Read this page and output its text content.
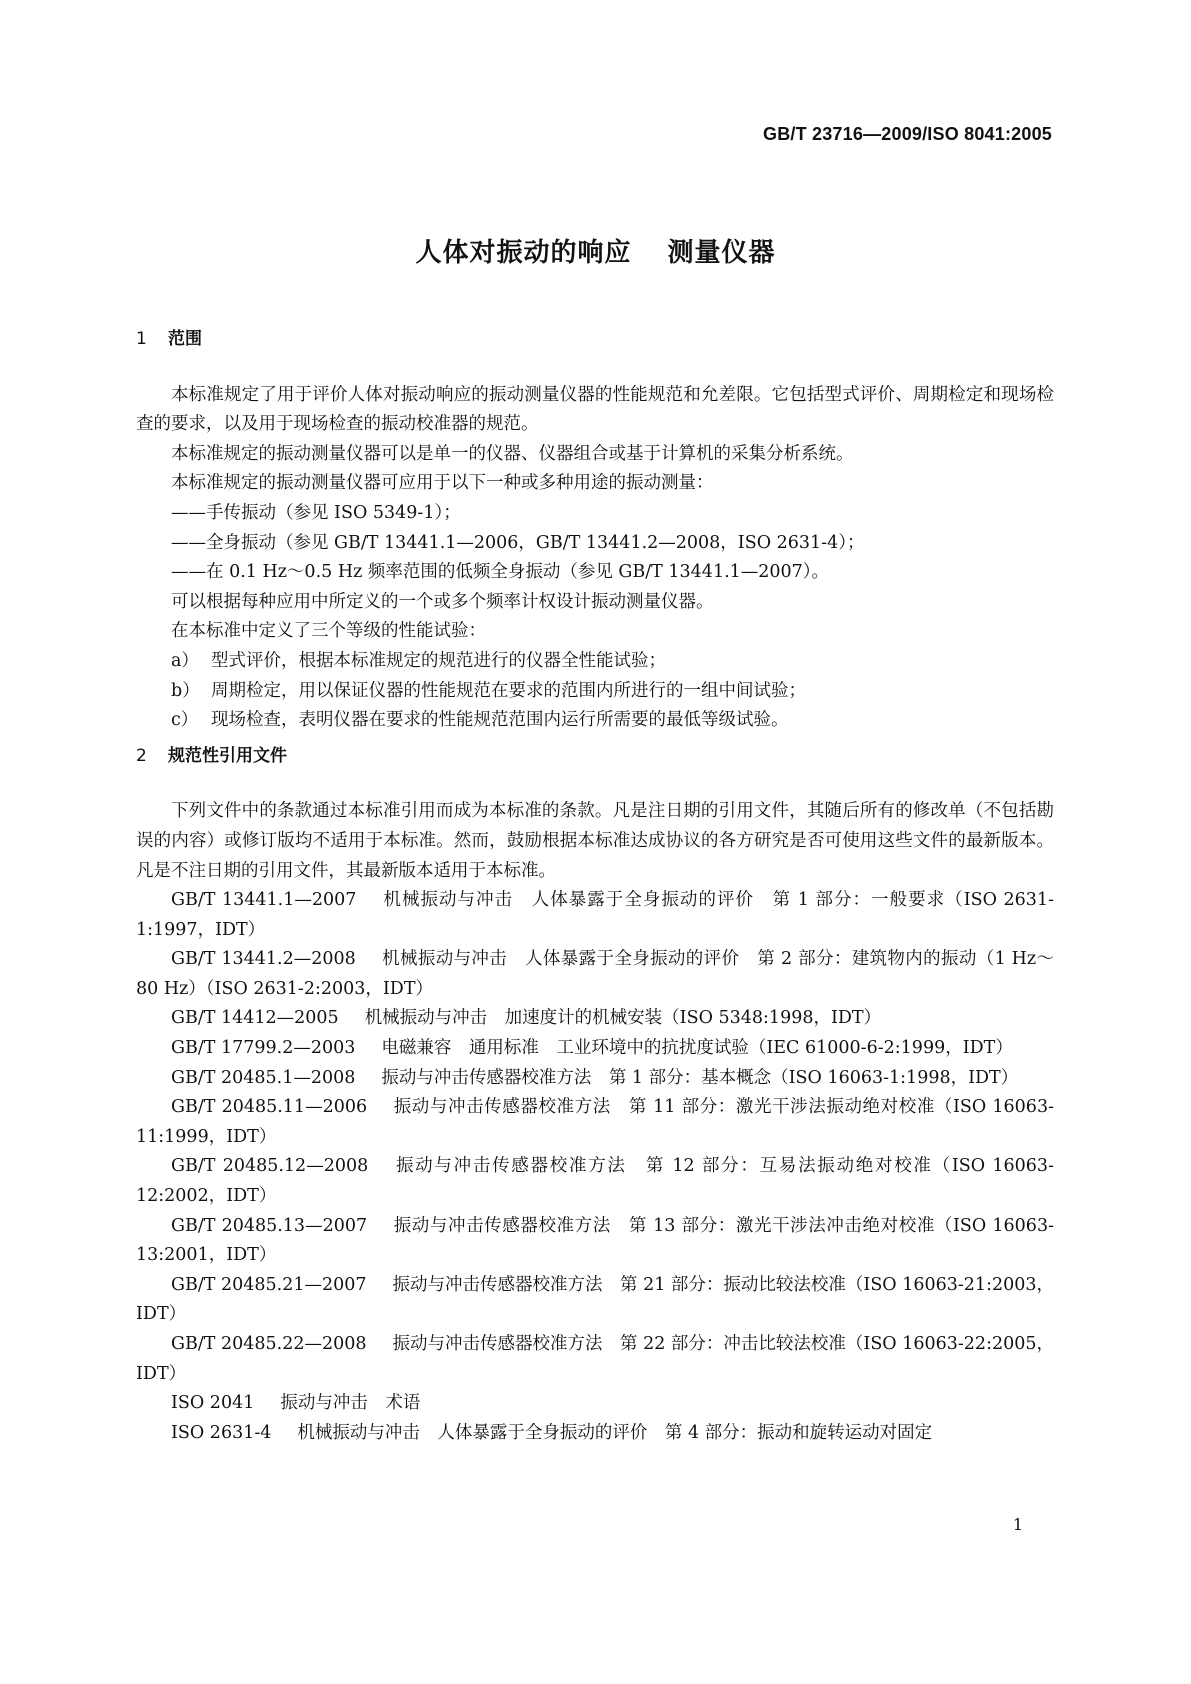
GB/T 23716—2009/ISO 8041:2005
人体对振动的响应 测量仪器
1 范围

本标准规定了用于评价人体对振动响应的振动测量仪器的性能规范和允差限。它包括型式评价、周期检定和现场检查的要求，以及用于现场检查的振动校准器的规范。

本标准规定的振动测量仪器可以是单一的仪器、仪器组合或基于计算机的采集分析系统。

本标准规定的振动测量仪器可应用于以下一种或多种用途的振动测量：

——手传振动（参见 ISO 5349-1）；

——全身振动（参见 GB/T 13441.1—2006，GB/T 13441.2—2008，ISO 2631-4）；

——在 0.1 Hz～0.5 Hz 频率范围的低频全身振动（参见 GB/T 13441.1—2007）。

可以根据每种应用中所定义的一个或多个频率计权设计振动测量仪器。

在本标准中定义了三个等级的性能试验：

a） 型式评价，根据本标准规定的规范进行的仪器全性能试验；
b） 周期检定，用以保证仪器的性能规范在要求的范围内所进行的一组中间试验；
c） 现场检查，表明仪器在要求的性能规范范围内运行所需要的最低等级试验。
2 规范性引用文件

下列文件中的条款通过本标准引用而成为本标准的条款。凡是注日期的引用文件，其随后所有的修改单（不包括勘误的内容）或修订版均不适用于本标准。然而，鼓励根据本标准达成协议的各方研究是否可使用这些文件的最新版本。凡是不注日期的引用文件，其最新版本适用于本标准。

GB/T 13441.1—2007 机械振动与冲击　人体暴露于全身振动的评价　第 1 部分：一般要求（ISO 2631-1:1997，IDT）

GB/T 13441.2—2008 机械振动与冲击　人体暴露于全身振动的评价　第 2 部分：建筑物内的振动（1 Hz～80 Hz）（ISO 2631-2:2003，IDT）

GB/T 14412—2005 机械振动与冲击　加速度计的机械安装（ISO 5348:1998，IDT）

GB/T 17799.2—2003 电磁兼容　通用标准　工业环境中的抗扰度试验（IEC 61000-6-2:1999，IDT）

GB/T 20485.1—2008 振动与冲击传感器校准方法　第 1 部分：基本概念（ISO 16063-1:1998，IDT）

GB/T 20485.11—2006 振动与冲击传感器校准方法　第 11 部分：激光干涉法振动绝对校准（ISO 16063-11:1999，IDT）

GB/T 20485.12—2008 振动与冲击传感器校准方法　第 12 部分：互易法振动绝对校准（ISO 16063-12:2002，IDT）

GB/T 20485.13—2007 振动与冲击传感器校准方法　第 13 部分：激光干涉法冲击绝对校准（ISO 16063-13:2001，IDT）

GB/T 20485.21—2007 振动与冲击传感器校准方法　第 21 部分：振动比较法校准（ISO 16063-21:2003，IDT）

GB/T 20485.22—2008 振动与冲击传感器校准方法　第 22 部分：冲击比较法校准（ISO 16063-22:2005，IDT）

ISO 2041 振动与冲击　术语

ISO 2631-4 机械振动与冲击　人体暴露于全身振动的评价　第 4 部分：振动和旋转运动对固定

1
